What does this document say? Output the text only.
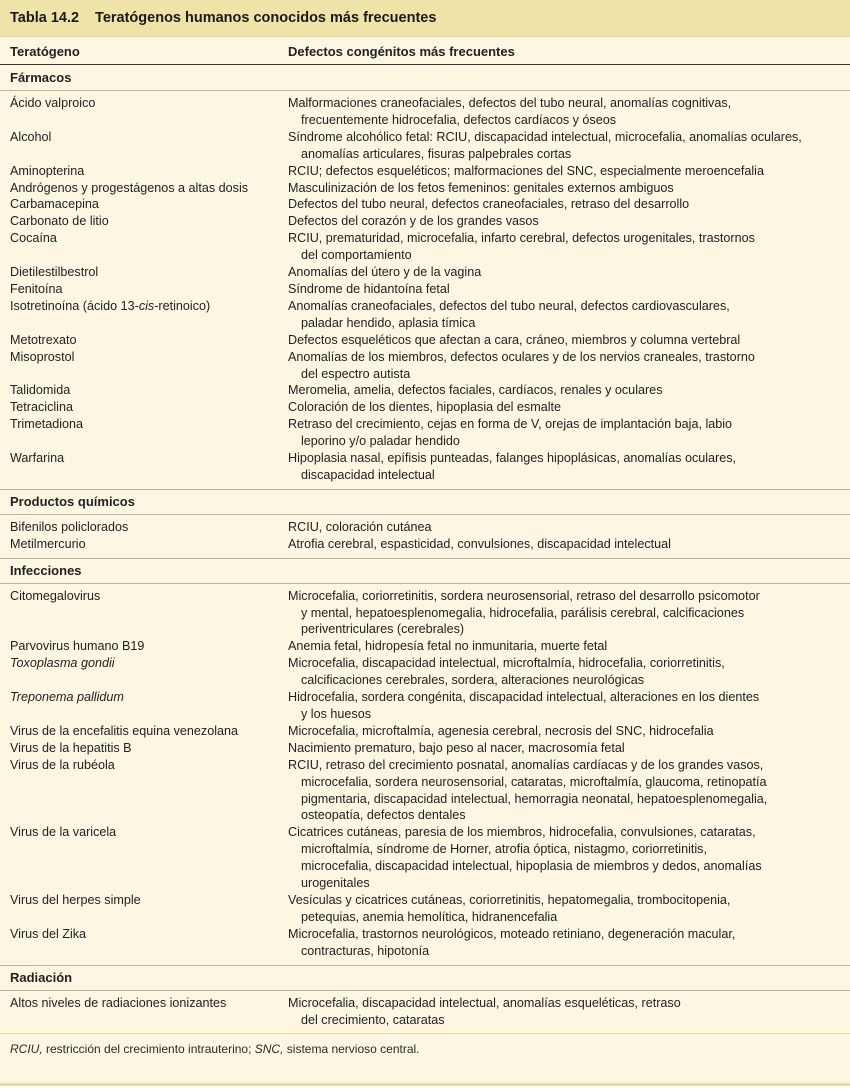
Tabla 14.2 Teratógenos humanos conocidos más frecuentes
Teratógeno	Defectos congénitos más frecuentes
Fármacos
Ácido valproico	Malformaciones craneofaciales, defectos del tubo neural, anomalías cognitivas,
frecuentemente hidrocefalia, defectos cardíacos y óseos
Alcohol	Síndrome alcohólico fetal: RCIU, discapacidad intelectual, microcefalia, anomalías oculares,
anomalías articulares, fisuras palpebrales cortas
Aminopterina	RCIU; defectos esqueléticos; malformaciones del SNC, especialmente meroencefalia
Andrógenos y progestágenos a altas dosis	Masculinización de los fetos femeninos: genitales externos ambiguos
Carbamacepina	Defectos del tubo neural, defectos craneofaciales, retraso del desarrollo
Carbonato de litio	Defectos del corazón y de los grandes vasos
Cocaína	RCIU, prematuridad, microcefalia, infarto cerebral, defectos urogenitales, trastornos
del comportamiento
Dietilestilbestrol	Anomalías del útero y de la vagina
Fenitoína	Síndrome de hidantoína fetal
Isotretinoína (ácido 13-cis-retinoico)	Anomalías craneofaciales, defectos del tubo neural, defectos cardiovasculares,
paladar hendido, aplasia tímica
Metotrexato	Defectos esqueléticos que afectan a cara, cráneo, miembros y columna vertebral
Misoprostol	Anomalías de los miembros, defectos oculares y de los nervios craneales, trastorno
del espectro autista
Talidomida	Meromelia, amelia, defectos faciales, cardíacos, renales y oculares
Tetraciclina	Coloración de los dientes, hipoplasia del esmalte
Trimetadiona	Retraso del crecimiento, cejas en forma de V, orejas de implantación baja, labio
leporino y/o paladar hendido
Warfarina	Hipoplasia nasal, epífisis punteadas, falanges hipoplásicas, anomalías oculares,
discapacidad intelectual
Productos químicos
Bifenilos policlorados	RCIU, coloración cutánea
Metilmercurio	Atrofia cerebral, espasticidad, convulsiones, discapacidad intelectual
Infecciones
Citomegalovirus	Microcefalia, coriorretinitis, sordera neurosensorial, retraso del desarrollo psicomotor
y mental, hepatoesplenomegalia, hidrocefalia, parálisis cerebral, calcificaciones
periventriculares (cerebrales)
Parvovirus humano B19	Anemia fetal, hidropesía fetal no inmunitaria, muerte fetal
Toxoplasma gondii	Microcefalia, discapacidad intelectual, microftalmía, hidrocefalia, coriorretinitis,
calcificaciones cerebrales, sordera, alteraciones neurológicas
Treponema pallidum	Hidrocefalia, sordera congénita, discapacidad intelectual, alteraciones en los dientes
y los huesos
Virus de la encefalitis equina venezolana	Microcefalia, microftalmía, agenesia cerebral, necrosis del SNC, hidrocefalia
Virus de la hepatitis B	Nacimiento prematuro, bajo peso al nacer, macrosomía fetal
Virus de la rubéola	RCIU, retraso del crecimiento posnatal, anomalías cardíacas y de los grandes vasos,
microcefalia, sordera neurosensorial, cataratas, microftalmía, glaucoma, retinopatía
pigmentaria, discapacidad intelectual, hemorragia neonatal, hepatoesplenomegalia,
osteopatía, defectos dentales
Virus de la varicela	Cicatrices cutáneas, paresia de los miembros, hidrocefalia, convulsiones, cataratas,
microftalmía, síndrome de Horner, atrofia óptica, nistagmo, coriorretinitis,
microcefalia, discapacidad intelectual, hipoplasia de miembros y dedos, anomalías
urogenitales
Virus del herpes simple	Vesículas y cicatrices cutáneas, coriorretinitis, hepatomegalia, trombocitopenia,
petequias, anemia hemolítica, hidranencefalia
Virus del Zika	Microcefalia, trastornos neurológicos, moteado retiniano, degeneración macular,
contracturas, hipotonía
Radiación
Altos niveles de radiaciones ionizantes	Microcefalia, discapacidad intelectual, anomalías esqueléticas, retraso
del crecimiento, cataratas
RCIU, restricción del crecimiento intrauterino; SNC, sistema nervioso central.
